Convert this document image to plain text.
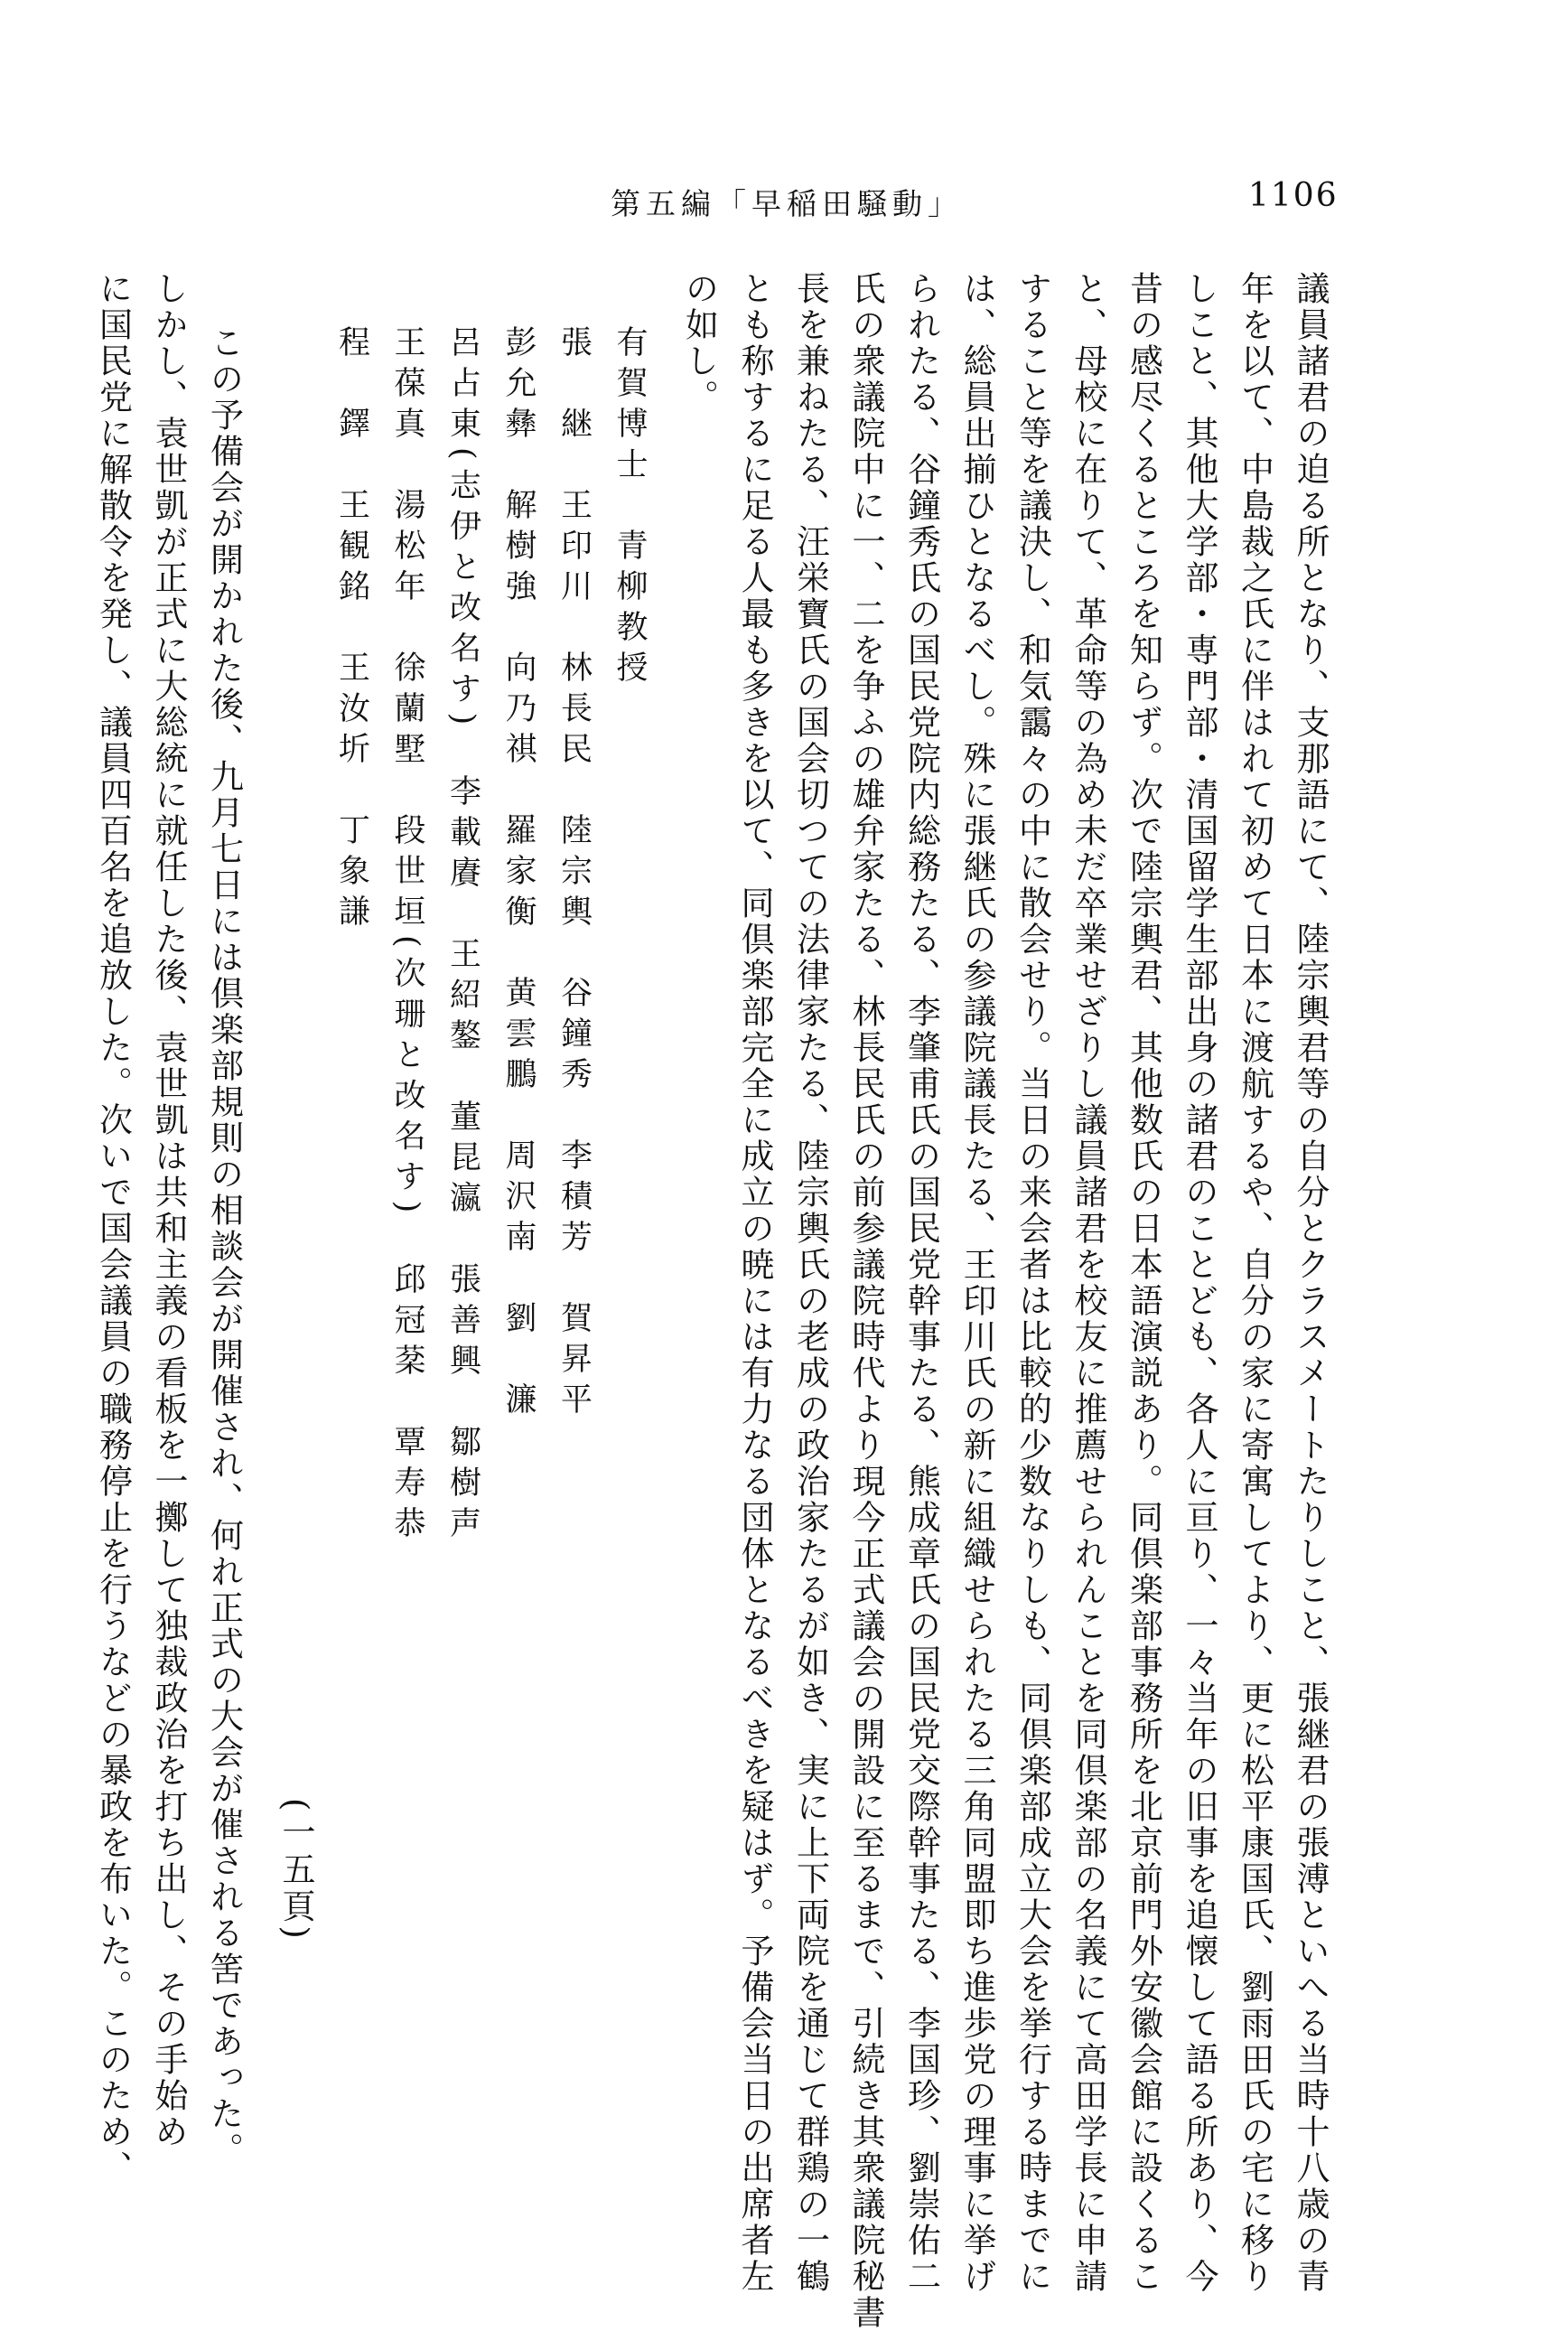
第五編「早稲田騒動」	1106
議員諸君の迫る所となり、支那語にて、陸宗輿君等の自分とクラスメートたりしこと、張継君の張溥といへる当時十八歳の青
年を以て、中島裁之氏に伴はれて初めて日本に渡航するや、自分の家に寄寓してより、更に松平康国氏、劉雨田氏の宅に移り
しこと、其他大学部・専門部・清国留学生部出身の諸君のことども、各人に亘り、一々当年の旧事を追懐して語る所あり、今
昔の感尽くるところを知らず。次で陸宗輿君、其他数氏の日本語演説あり。同倶楽部事務所を北京前門外安徽会館に設くるこ
と、母校に在りて、革命等の為め未だ卒業せざりし議員諸君を校友に推薦せられんことを同倶楽部の名義にて高田学長に申請
すること等を議決し、和気靄々の中に散会せり。当日の来会者は比較的少数なりしも、同倶楽部成立大会を挙行する時までに
は、総員出揃ひとなるべし。殊に張継氏の参議院議長たる、王印川氏の新に組織せられたる三角同盟即ち進歩党の理事に挙げ
られたる、谷鐘秀氏の国民党院内総務たる、李肇甫氏の国民党幹事たる、熊成章氏の国民党交際幹事たる、李国珍、劉崇佑二
氏の衆議院中に一、二を争ふの雄弁家たる、林長民氏の前参議院時代より現今正式議会の開設に至るまで、引続き其衆議院秘書
長を兼ねたる、汪栄寶氏の国会切つての法律家たる、陸宗輿氏の老成の政治家たるが如き、実に上下両院を通じて群鶏の一鶴
とも称するに足る人最も多きを以て、同倶楽部完全に成立の暁には有力なる団体となるべきを疑はず。予備会当日の出席者左
の如し。
有賀博士　青柳教授
張　継　王印川　林長民　陸宗輿　谷鐘秀　李積芳　賀昇平
彭允彝　解樹強　向乃祺　羅家衡　黄雲鵬　周沢南　劉　濂
呂占東(志伊と改名す)　李載賡　王紹鏊　董昆瀛　張善興　鄒樹声
王葆真　湯松年　徐蘭墅　段世垣(次珊と改名す)　邱冠棻　覃寿恭
程　鐸　王観銘　王汝圻　丁象謙
(一五頁)
この予備会が開かれた後、九月七日には倶楽部規則の相談会が開催され、何れ正式の大会が催される筈であった。
しかし、袁世凱が正式に大総統に就任した後、袁世凱は共和主義の看板を一擲して独裁政治を打ち出し、その手始め
に国民党に解散令を発し、議員四百名を追放した。次いで国会議員の職務停止を行うなどの暴政を布いた。このため、
